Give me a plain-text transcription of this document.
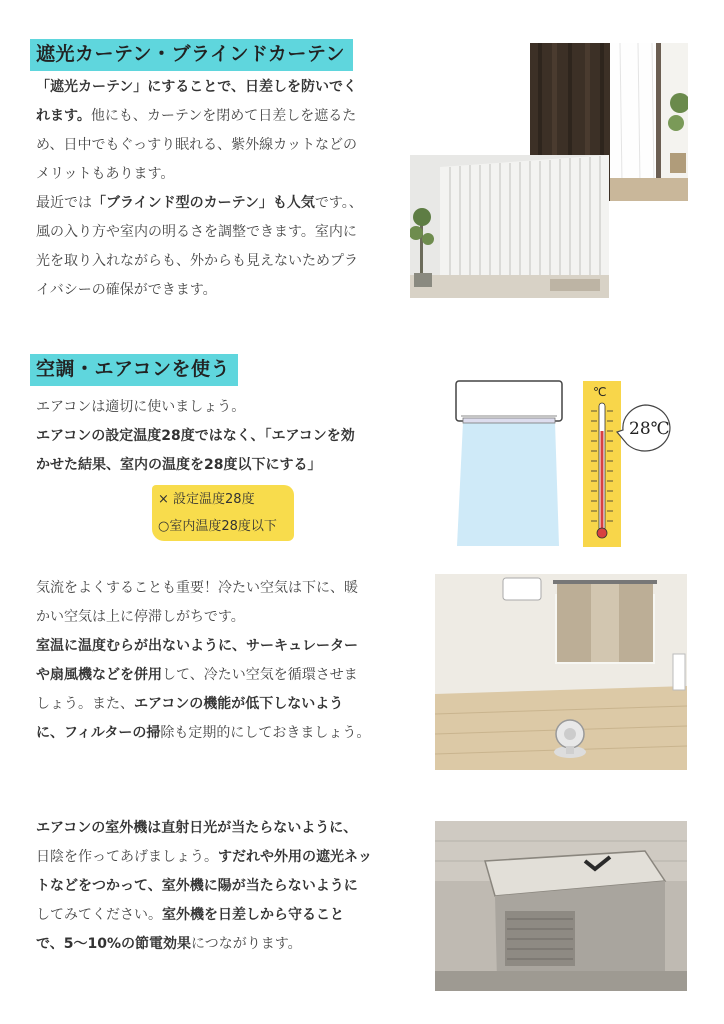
遮光カーテン・ブラインドカーテン
「遮光カーテン」にすることで、日差しを防いでく
れます。他にも、カーテンを閉めて日差しを遮るた
め、日中でもぐっすり眠れる、紫外線カットなどの
メリットもあります。
最近では「ブラインド型のカーテン」も人気です。、
風の入り方や室内の明るさを調整できます。室内に
光を取り入れながらも、外からも見えないためプラ
イバシーの確保ができます。
空調・エアコンを使う
エアコンは適切に使いましょう。
エアコンの設定温度28度ではなく、「エアコンを効
かせた結果、室内の温度を28度以下にする」
× 設定温度28度
○室内温度28度以下
℃
28℃
気流をよくすることも重要！冷たい空気は下に、暖
かい空気は上に停滞しがちです。
室温に温度むらが出ないように、サーキュレーター
や扇風機などを併用して、冷たい空気を循環させま
しょう。また、エアコンの機能が低下しないよう
に、フィルターの掃除も定期的にしておきましょう。
エアコンの室外機は直射日光が当たらないように、
日陰を作ってあげましょう。すだれや外用の遮光ネッ
トなどをつかって、室外機に陽が当たらないように
してみてください。室外機を日差しから守ること
で、5〜10%の節電効果につながります。
